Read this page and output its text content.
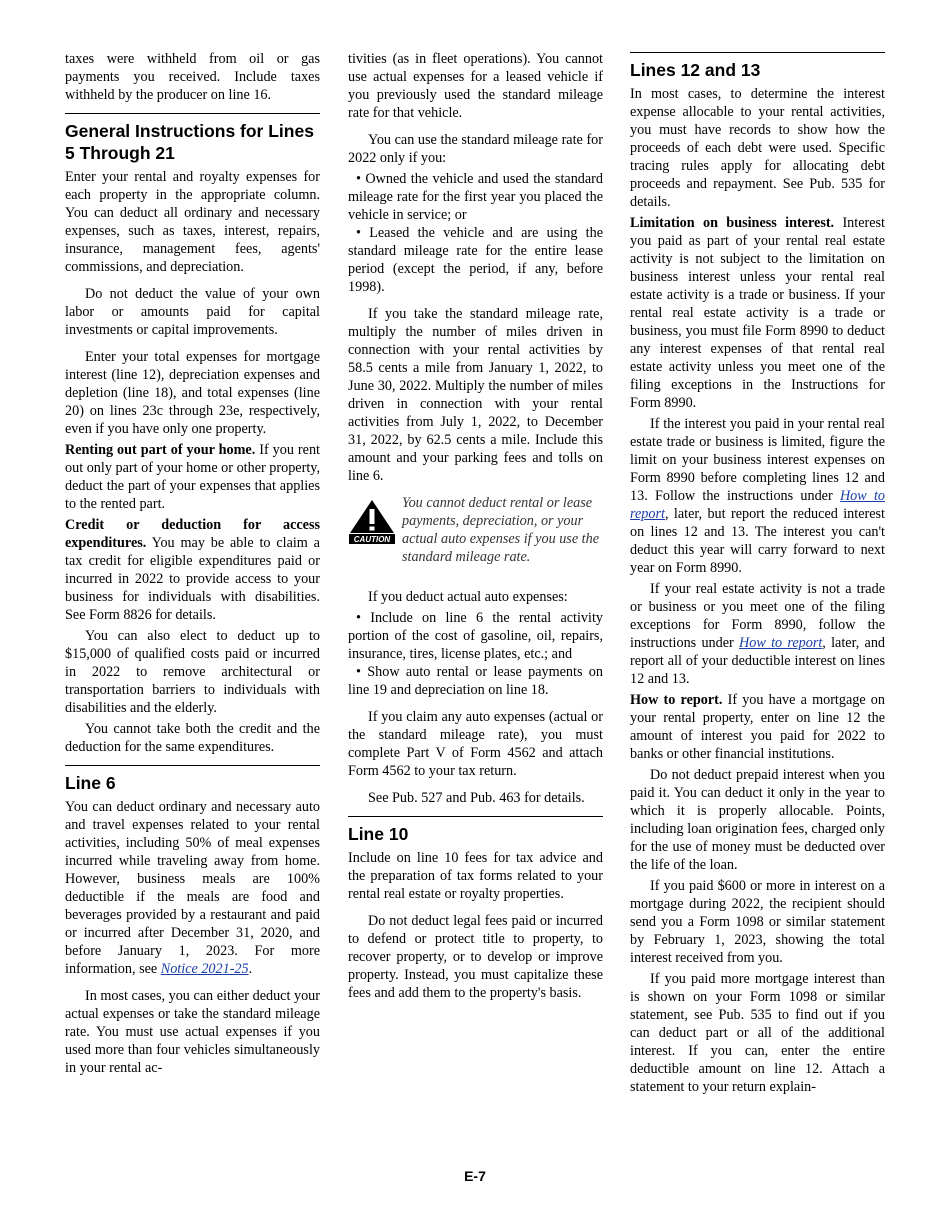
taxes were withheld from oil or gas payments you received. Include taxes withheld by the producer on line 16.

General Instructions for Lines 5 Through 21

Enter your rental and royalty expenses for each property in the appropriate column. You can deduct all ordinary and necessary expenses, such as taxes, interest, repairs, insurance, management fees, agents' commissions, and depreciation.

Do not deduct the value of your own labor or amounts paid for capital investments or capital improvements.

Enter your total expenses for mortgage interest (line 12), depreciation expenses and depletion (line 18), and total expenses (line 20) on lines 23c through 23e, respectively, even if you have only one property.

Renting out part of your home. If you rent out only part of your home or other property, deduct the part of your expenses that applies to the rented part.

Credit or deduction for access expenditures. You may be able to claim a tax credit for eligible expenditures paid or incurred in 2022 to provide access to your business for individuals with disabilities. See Form 8826 for details.

You can also elect to deduct up to $15,000 of qualified costs paid or incurred in 2022 to remove architectural or transportation barriers to individuals with disabilities and the elderly.

You cannot take both the credit and the deduction for the same expenditures.

Line 6

You can deduct ordinary and necessary auto and travel expenses related to your rental activities, including 50% of meal expenses incurred while traveling away from home. However, business meals are 100% deductible if the meals are food and beverages provided by a restaurant and paid or incurred after December 31, 2020, and before January 1, 2023. For more information, see Notice 2021-25.

In most cases, you can either deduct your actual expenses or take the standard mileage rate. You must use actual expenses if you used more than four vehicles simultaneously in your rental ac-

tivities (as in fleet operations). You cannot use actual expenses for a leased vehicle if you previously used the standard mileage rate for that vehicle.

You can use the standard mileage rate for 2022 only if you:

• Owned the vehicle and used the standard mileage rate for the first year you placed the vehicle in service; or

• Leased the vehicle and are using the standard mileage rate for the entire lease period (except the period, if any, before 1998).

If you take the standard mileage rate, multiply the number of miles driven in connection with your rental activities by 58.5 cents a mile from January 1, 2022, to June 30, 2022. Multiply the number of miles driven in connection with your rental activities from July 1, 2022, to December 31, 2022, by 62.5 cents a mile. Include this amount and your parking fees and tolls on line 6.

CAUTION
You cannot deduct rental or lease payments, depreciation, or your actual auto expenses if you use the standard mileage rate.

If you deduct actual auto expenses:

• Include on line 6 the rental activity portion of the cost of gasoline, oil, repairs, insurance, tires, license plates, etc.; and

• Show auto rental or lease payments on line 19 and depreciation on line 18.

If you claim any auto expenses (actual or the standard mileage rate), you must complete Part V of Form 4562 and attach Form 4562 to your tax return.

See Pub. 527 and Pub. 463 for details.

Line 10

Include on line 10 fees for tax advice and the preparation of tax forms related to your rental real estate or royalty properties.

Do not deduct legal fees paid or incurred to defend or protect title to property, to recover property, or to develop or improve property. Instead, you must capitalize these fees and add them to the property's basis.

Lines 12 and 13

In most cases, to determine the interest expense allocable to your rental activities, you must have records to show how the proceeds of each debt were used. Specific tracing rules apply for allocating debt proceeds and repayment. See Pub. 535 for details.

Limitation on business interest. Interest you paid as part of your rental real estate activity is not subject to the limitation on business interest unless your rental real estate activity is a trade or business. If your rental real estate activity is a trade or business, you must file Form 8990 to deduct any interest expenses of that rental real estate activity unless you meet one of the filing exceptions in the Instructions for Form 8990.

If the interest you paid in your rental real estate trade or business is limited, figure the limit on your business interest expenses on Form 8990 before completing lines 12 and 13. Follow the instructions under How to report, later, but report the reduced interest on lines 12 and 13. The interest you can't deduct this year will carry forward to next year on Form 8990.

If your real estate activity is not a trade or business or you meet one of the filing exceptions for Form 8990, follow the instructions under How to report, later, and report all of your deductible interest on lines 12 and 13.

How to report. If you have a mortgage on your rental property, enter on line 12 the amount of interest you paid for 2022 to banks or other financial institutions.

Do not deduct prepaid interest when you paid it. You can deduct it only in the year to which it is properly allocable. Points, including loan origination fees, charged only for the use of money must be deducted over the life of the loan.

If you paid $600 or more in interest on a mortgage during 2022, the recipient should send you a Form 1098 or similar statement by February 1, 2023, showing the total interest received from you.

If you paid more mortgage interest than is shown on your Form 1098 or similar statement, see Pub. 535 to find out if you can deduct part or all of the additional interest. If you can, enter the entire deductible amount on line 12. Attach a statement to your return explain-

E-7
